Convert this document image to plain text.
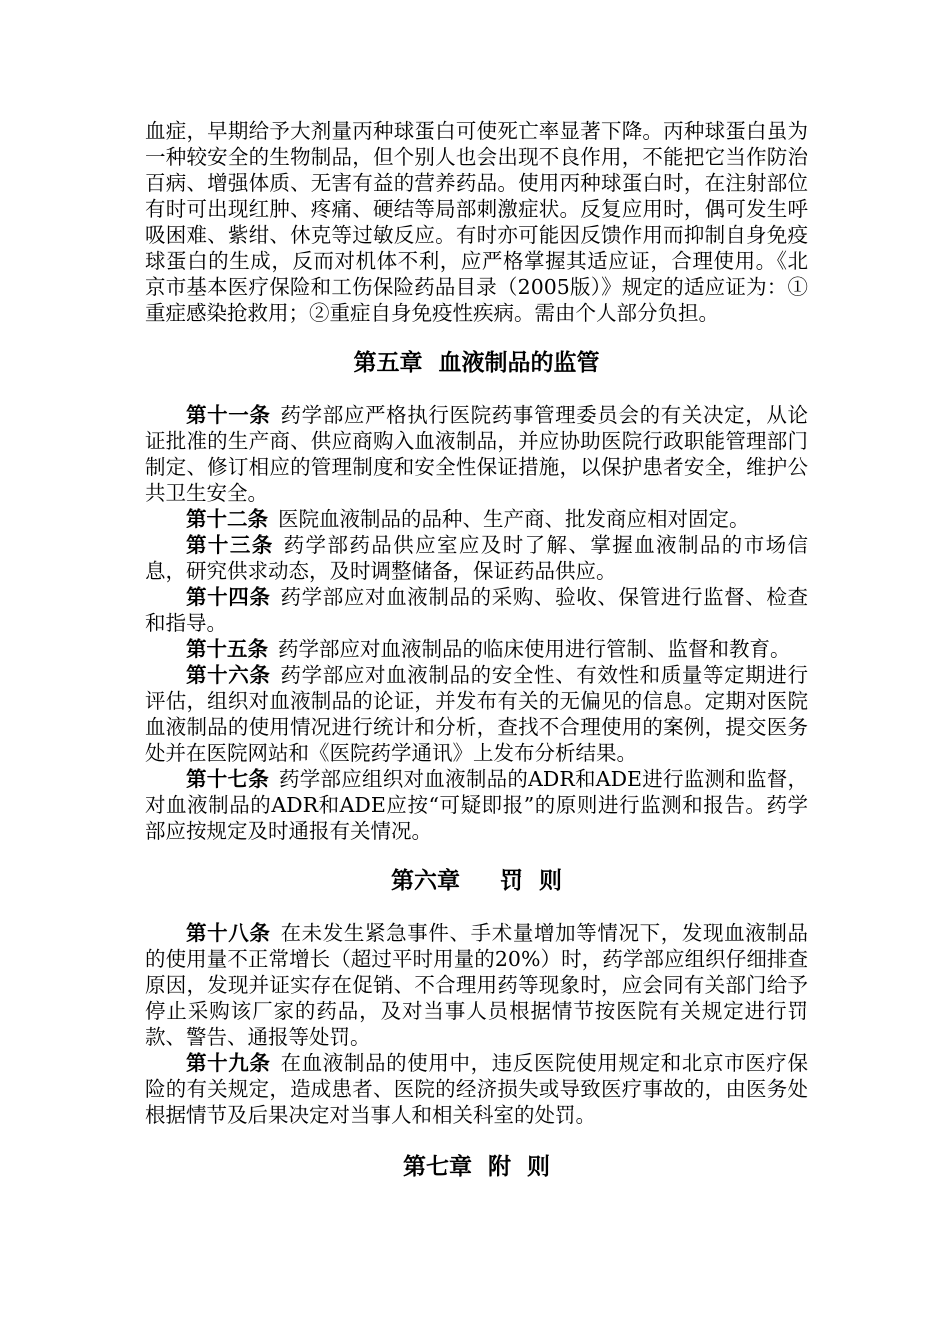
血症，早期给予大剂量丙种球蛋白可使死亡率显著下降。丙种球蛋白虽为一种较安全的生物制品，但个别人也会出现不良作用，不能把它当作防治百病、增强体质、无害有益的营养药品。使用丙种球蛋白时，在注射部位有时可出现红肿、疼痛、硬结等局部刺激症状。反复应用时，偶可发生呼吸困难、紫绀、休克等过敏反应。有时亦可能因反馈作用而抑制自身免疫球蛋白的生成，反而对机体不利，应严格掌握其适应证，合理使用。《北京市基本医疗保险和工伤保险药品目录（2005版）》规定的适应证为：①重症感染抢救用；②重症自身免疫性疾病。需由个人部分负担。

第五章 血液制品的监管

第十一条 药学部应严格执行医院药事管理委员会的有关决定，从论证批准的生产商、供应商购入血液制品，并应协助医院行政职能管理部门制定、修订相应的管理制度和安全性保证措施，以保护患者安全，维护公共卫生安全。

第十二条 医院血液制品的品种、生产商、批发商应相对固定。

第十三条 药学部药品供应室应及时了解、掌握血液制品的市场信息，研究供求动态，及时调整储备，保证药品供应。

第十四条 药学部应对血液制品的采购、验收、保管进行监督、检查和指导。

第十五条 药学部应对血液制品的临床使用进行管制、监督和教育。

第十六条 药学部应对血液制品的安全性、有效性和质量等定期进行评估，组织对血液制品的论证，并发布有关的无偏见的信息。定期对医院血液制品的使用情况进行统计和分析，查找不合理使用的案例，提交医务处并在医院网站和《医院药学通讯》上发布分析结果。

第十七条 药学部应组织对血液制品的ADR和ADE进行监测和监督，对血液制品的ADR和ADE应按“可疑即报”的原则进行监测和报告。药学部应按规定及时通报有关情况。

第六章 罚  则

第十八条 在未发生紧急事件、手术量增加等情况下，发现血液制品的使用量不正常增长（超过平时用量的20%）时，药学部应组织仔细排查原因，发现并证实存在促销、不合理用药等现象时，应会同有关部门给予停止采购该厂家的药品，及对当事人员根据情节按医院有关规定进行罚款、警告、通报等处罚。

第十九条 在血液制品的使用中，违反医院使用规定和北京市医疗保险的有关规定，造成患者、医院的经济损失或导致医疗事故的，由医务处根据情节及后果决定对当事人和相关科室的处罚。

第七章 附  则
